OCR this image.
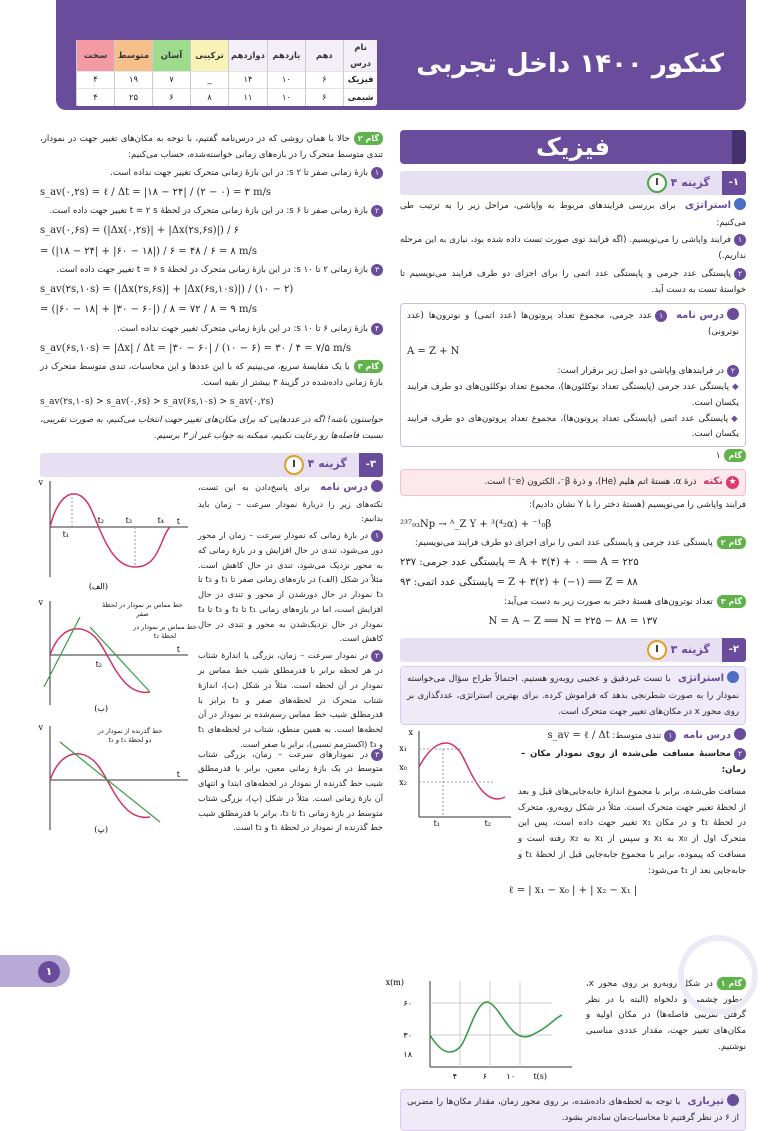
نام درس	دهم	یازدهم	دوازدهم	ترکیبی	آسان	متوسط	سخت
فیزیک	۶	۱۰	۱۴	_	۷	۱۹	۴
شیمی	۶	۱۰	۱۱	۸	۶	۲۵	۴
کنکور ۱۴۰۰ داخل تجربی
فیزیک
۱-
گزینه ۴
استراتژی برای بررسی فرایندهای مربوط به واپاشی، مراحل زیر را به ترتیب طی می‌کنیم:
۱فرایند واپاشی را می‌نویسیم. (اگه فرایند توی صورت تست داده شده بود، نیازی به این مرحله نداریم.)
۲پایستگی عدد جرمی و پایستگی عدد اتمی را برای اجزای دو طرف فرایند می‌نویسیم تا خواستهٔ تست به دست آید.
درس نامه ۱عدد جرمی، مجموع تعداد پروتون‌ها (عدد اتمی) و نوترون‌ها (عدد نوترونی)
A = Z + N
۲در فرایندهای واپاشی دو اصل زیر برقرار است:
◆پایستگی عدد جرمی (پایستگی تعداد نوکلئون‌ها)، مجموع تعداد نوکلئون‌های دو طرف فرایند یکسان است.
◆پایستگی عدد اتمی (پایستگی تعداد پروتون‌ها)، مجموع تعداد پروتون‌های دو طرف فرایند یکسان است.
گام۱
★نکته ذرهٔ α، هستهٔ اتم هلیم (He)، و ذرهٔ β⁻، الکترون (e⁻) است.
فرایند واپاشی را می‌نویسیم (هستهٔ دختر را با Y نشان دادیم):
²³⁷₉₃Np → ᴬ_Z Y + ³(⁴₂α) + ⁻¹₀β
گام ۲پایستگی عدد جرمی و پایستگی عدد اتمی را برای اجزای دو طرف فرایند می‌نویسیم:
پایستگی عدد جرمی: ۲۳۷ = A + ۳(۴) + ۰ ⟹ A = ۲۲۵
پایستگی عدد اتمی: ۹۳ = Z + ۳(۲) + (−۱) ⟹ Z = ۸۸
گام ۳تعداد نوترون‌های هستهٔ دختر به صورت زیر به دست می‌آید:
N = A − Z ⟹ N = ۲۲۵ − ۸۸ = ۱۳۷
۲-
گزینه ۳
استراتژی با تست غیردقیق و عجیبی روبه‌رو هستیم. احتمالاً طراح سؤال می‌خواسته نمودار را به صورت شطرنجی بدهد که فراموش کرده. برای بهترین استراتژی، عددگذاری بر روی محور x در مکان‌های تغییر جهت متحرک است.
درس نامه ۱تندی متوسط: s_av = ℓ / Δt
۲محاسبهٔ مسافت طی‌شده از روی نمودار مکان – زمان:
x₁
x₀
x₂
t₁	t₂
x
مسافت طی‌شده، برابر با مجموع اندازهٔ جابه‌جایی‌های قبل و بعد از لحظهٔ تغییر جهت متحرک است. مثلاً در شکل روبه‌رو، متحرک در لحظهٔ t₁ و در مکان x₁ تغییر جهت داده است، پس این متحرک اول از x₀ به x₁ و سپس از x₁ به x₂ رفته است و مسافت که پیموده، برابر با مجموع جابه‌جایی قبل از لحظهٔ t₁ و جابه‌جایی بعد از t₁ می‌شود:
ℓ = | x₁ − x₀ | + | x₂ − x₁ |
x(m)
t(s)
۶۰
۳۰
۱۸
۴	۶ ۱۰
گام ۱در شکل روبه‌رو بر روی محور x، به‌طور چشمی و دلخواه (البته با در نظر گرفتن تقریبی فاصله‌ها) در مکان اولیه و مکان‌های تغییر جهت، مقدار عددی مناسبی نوشتیم.
تیزبازی با توجه به لحظه‌های داده‌شده، بر روی محور زمان، مقدار مکان‌ها را مضربی از ۶ در نظر گرفتیم تا محاسبات‌مان ساده‌تر بشود.
گام ۲حالا با همان روشی که در درس‌نامه گفتیم، با توجه به مکان‌های تغییر جهت در نمودار، تندی متوسط متحرک را در بازه‌های زمانی خواسته‌شده، حساب می‌کنیم:
۱بازهٔ زمانی صفر تا ۲ s: در این بازهٔ زمانی متحرک تغییر جهت نداده است.
s_av(۰,۲s) = ℓ / Δt = |۱۸ − ۲۴| / (۲ − ۰) = ۳ m/s
۲بازهٔ زمانی صفر تا ۶ s: در این بازهٔ زمانی متحرک در لحظهٔ t = ۲ s تغییر جهت داده است.
s_av(۰,۶s) = (|Δx(۰,۲s)| + |Δx(۲s,۶s)|) / ۶
= (|۱۸ − ۲۴| + |۶۰ − ۱۸|) / ۶ = ۴۸ / ۶ = ۸ m/s
۳بازهٔ زمانی ۲ تا ۱۰ s: در این بازهٔ زمانی متحرک در لحظهٔ t = ۶ s تغییر جهت داده است.
s_av(۲s,۱۰s) = (|Δx(۲s,۶s)| + |Δx(۶s,۱۰s)|) / (۱۰ − ۲)
= (|۶۰ − ۱۸| + |۳۰ − ۶۰|) / ۸ = ۷۲ / ۸ = ۹ m/s
۴بازهٔ زمانی ۶ تا ۱۰ s: در این بازهٔ زمانی متحرک تغییر جهت نداده است.
s_av(۶s,۱۰s) = |Δx| / Δt = |۳۰ − ۶۰| / (۱۰ − ۶) = ۳۰ / ۴ = ۷/۵ m/s
گام ۳با یک مقایسهٔ سریع، می‌بینیم که با این عددها و این محاسبات، تندی متوسط متحرک در بازهٔ زمانی داده‌شده در گزینهٔ ۳ بیشتر از بقیه است.
s_av(۲s,۱۰s) > s_av(۰,۶s) > s_av(۶s,۱۰s) > s_av(۰,۲s)
حواستون باشه! اگه در عددهایی که برای مکان‌های تغییر جهت انتخاب می‌کنیم، به صورت تقریبی، نسبت فاصله‌ها رو رعایت نکنیم، ممکنه به جواب غیر از ۳ برسیم.
۳-
گزینه ۴
درس نامه برای پاسخ‌دادن به این تست، نکته‌های زیر را دربارهٔ نمودار سرعت – زمان باید بدانیم:
۱در بازهٔ زمانی که نمودار سرعت – زمان از محور دور می‌شود، تندی در حال افزایش و در بازهٔ زمانی که به محور نزدیک می‌شود، تندی در حال کاهش است. مثلاً در شکل (الف) در بازه‌های زمانی صفر تا t₁ و t₂ تا t₃ نمودار در حال دورشدن از محور و تندی در حال افزایش است، اما در بازه‌های زمانی t₁ تا t₂ و t₃ تا t₄ نمودار در حال نزدیک‌شدن به محور و تندی در حال کاهش است.
۲در نمودار سرعت – زمان، بزرگی یا اندازهٔ شتاب در هر لحظه برابر با قدرمطلق شیب خط مماس بر نمودار در آن لحظه است. مثلاً در شکل (ب)، اندازهٔ شتاب متحرک در لحظه‌های صفر و t₂ برابر با قدرمطلق شیب خط مماس رسم‌شده بر نمودار در آن لحظه‌ها است. به همین منطق، شتاب در لحظه‌های t₁ و t₃ (اکسترمم نسبی)، برابر با صفر است.
v
t
t₁
t₂	t₃	t₄
(الف)
v
t
t₂
(ب)
خط مماس بر نمودار در لحظهٔ صفر
خط مماس بر نمودار در لحظهٔ t₂
v
t
(پ)
خط گذرنده از نمودار در دو لحظهٔ t₁ و t₂
۳در نمودارهای سرعت – زمان، بزرگی شتاب متوسط در یک بازهٔ زمانی معین، برابر با قدرمطلق شیب خط گذرنده از نمودار در لحظه‌های ابتدا و انتهای آن بازهٔ زمانی است. مثلاً در شکل (پ)، بزرگی شتاب متوسط در بازهٔ زمانی t₁ تا t₂، برابر با قدرمطلق شیب خط گذرنده از نمودار در لحظهٔ t₁ و t₂ است.
۱
